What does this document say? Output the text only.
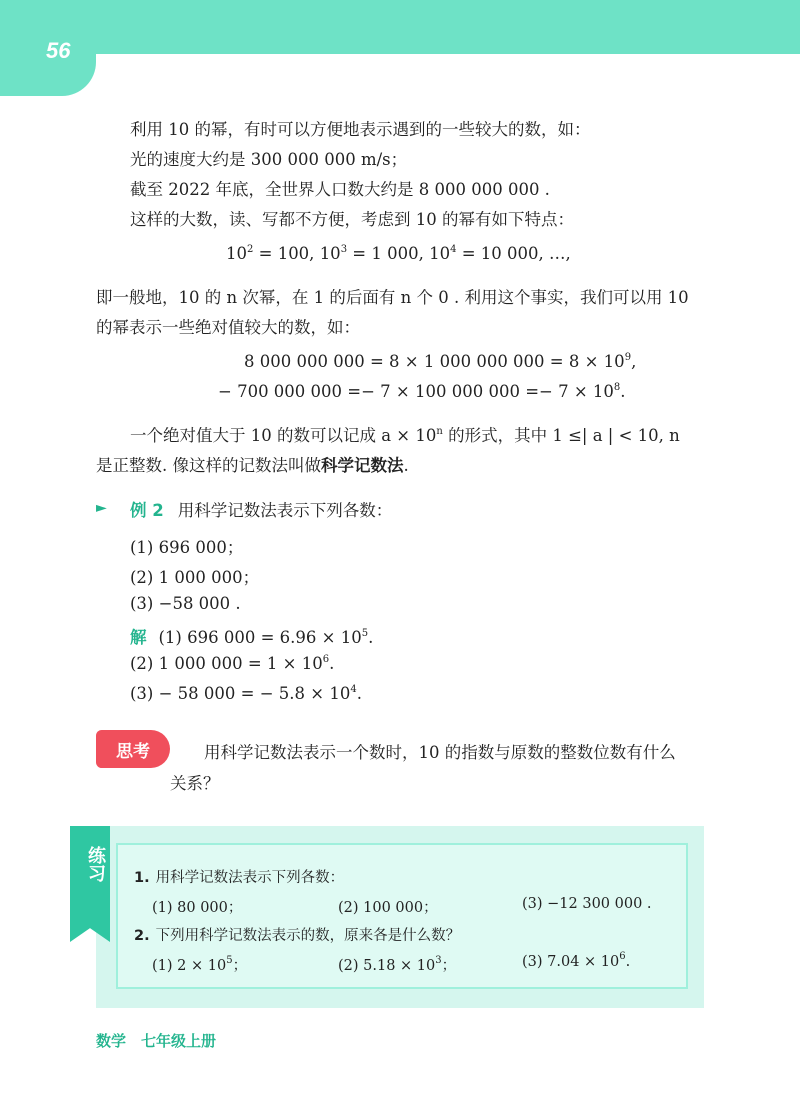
56
利用 10 的幂，有时可以方便地表示遇到的一些较大的数，如：
光的速度大约是 300 000 000 m/s；
截至 2022 年底，全世界人口数大约是 8 000 000 000 .
这样的大数，读、写都不方便，考虑到 10 的幂有如下特点：
$10^2 = 100$, $10^3 = 1$ 000, $10^4 = 10$ 000, …,
即一般地，10 的 n 次幂，在 1 的后面有 n 个 0 . 利用这个事实，我们可以用 10
的幂表示一些绝对值较大的数，如：
8 000 000 000 = 8 × 1 000 000 $000 = 8 \times 10^9$,
− 700 000 000 =− 7 × 100 000 $000 =- 7 \times 10^8$.
一个绝对值大于 10 的数可以记成 $a \times 10^n$ 的形式，其中 1 ≤| a | < 10, n
是正整数. 像这样的记数法叫做科学记数法.
► 例 2 用科学记数法表示下列各数：
(1) 696 000；
(2) 1 000 000；
(3) −58 000 .
解 (1) 696 $000 = 6.96 \times 10^5$.
(2) 1 000 $000 = 1 \times 10^6$.
(3) − 58 000 = − $5.8 \times 10^4$.
思考	用科学记数法表示一个数时，10 的指数与原数的整数位数有什么
关系？
练习 1. 用科学记数法表示下列各数：
(1) 80 000；	(2) 100 000；	(3) −12 300 000 .
2. 下列用科学记数法表示的数，原来各是什么数？
(1) $2 \times 10^5$；	(2) $5.18 \times 10^3$；	(3) $7.04 \times 10^6$.
数学　七年级上册
